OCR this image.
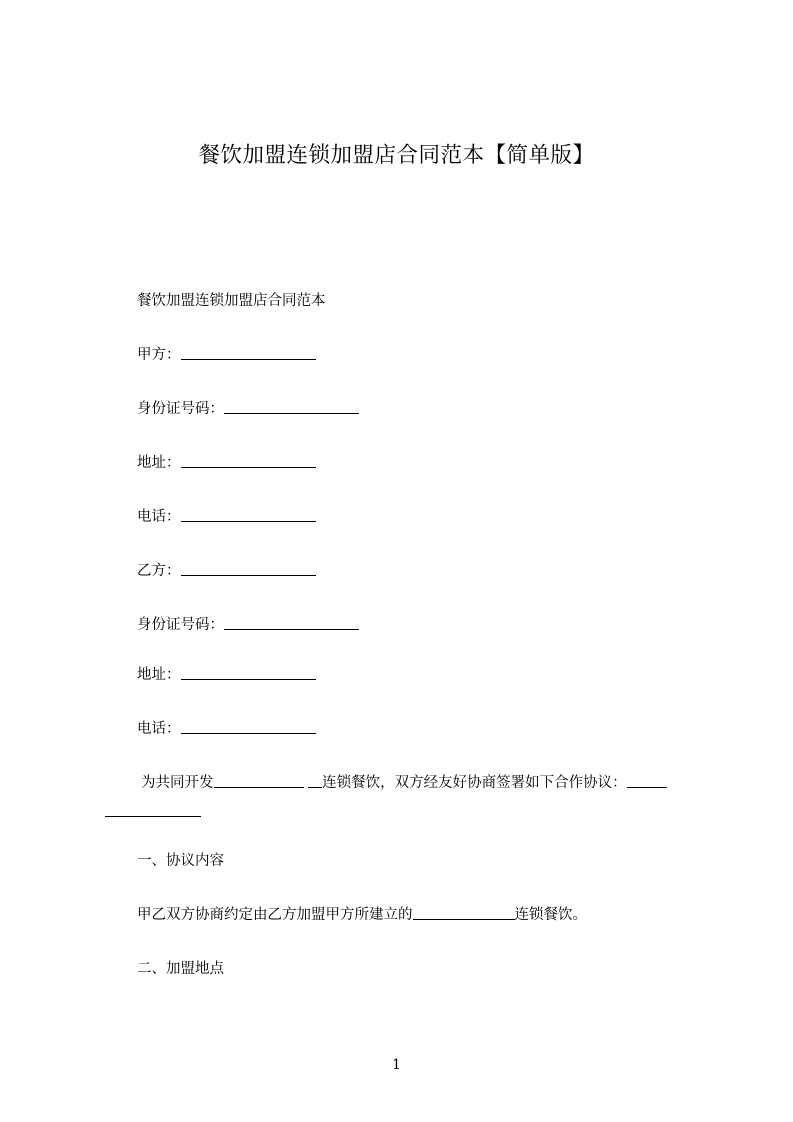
餐饮加盟连锁加盟店合同范本【简单版】
餐饮加盟连锁加盟店合同范本
甲方：
身份证号码：
地址：
电话：
乙方：
身份证号码：
地址：
电话：
为共同开发	连锁餐饮，双方经友好协商签署如下合作协议：
一、协议内容
甲乙双方协商约定由乙方加盟甲方所建立的	连锁餐饮。
二、加盟地点
1
